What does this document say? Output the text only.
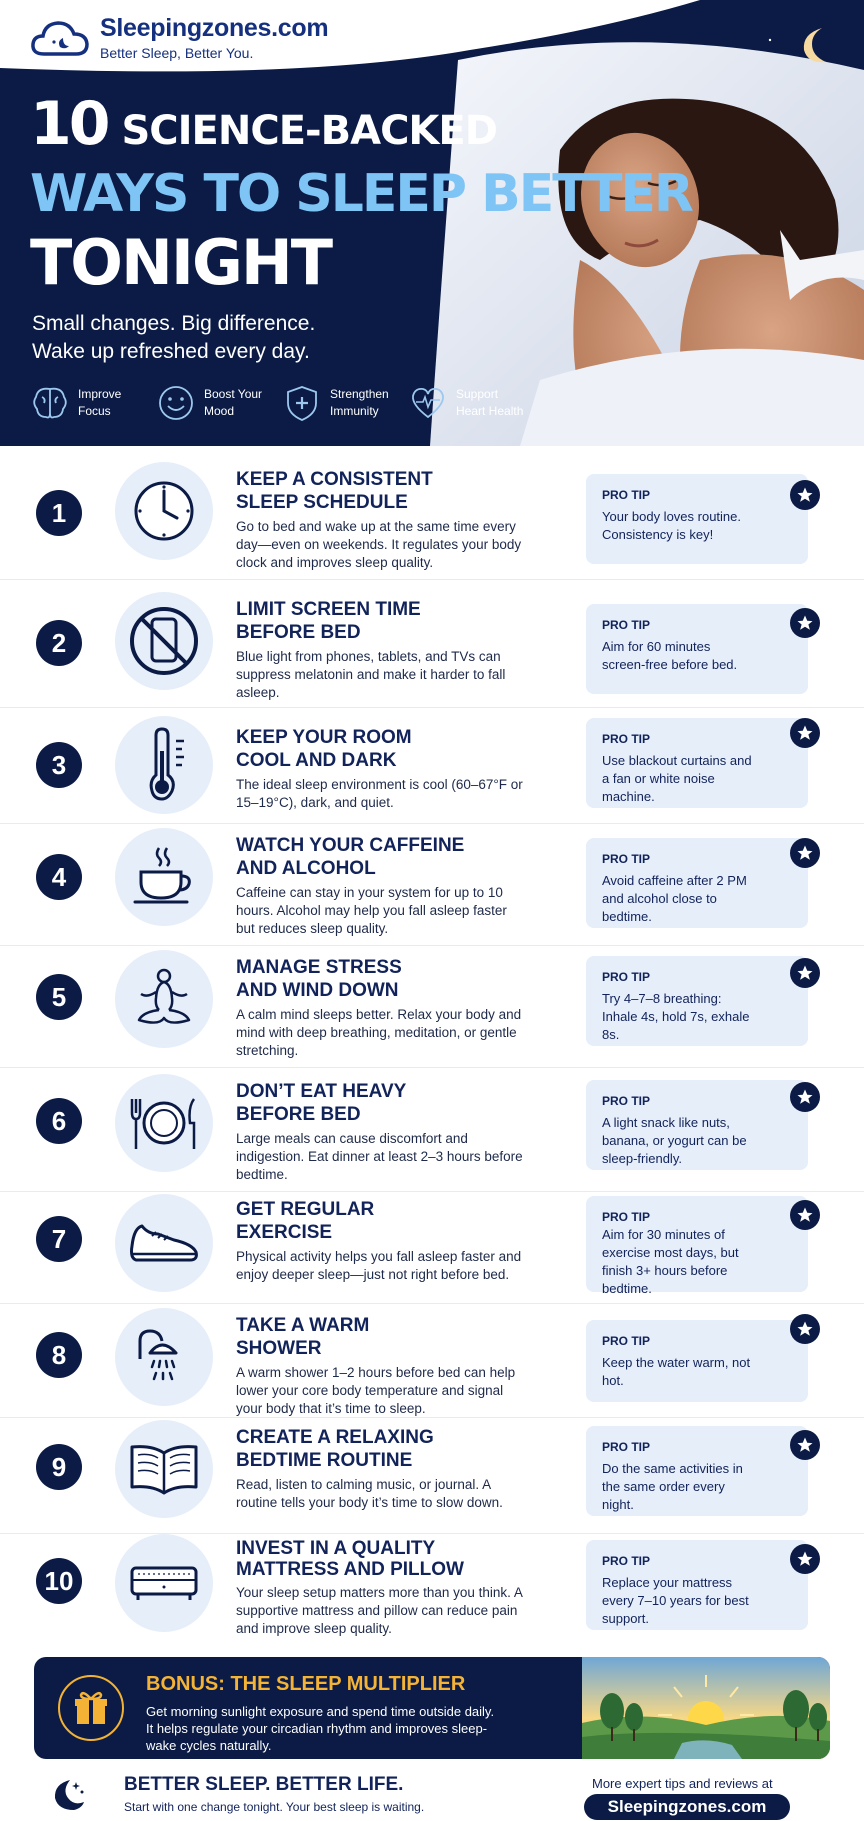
Sleepingzones.com
Better Sleep, Better You.
10 SCIENCE-BACKED
WAYS TO SLEEP BETTER
TONIGHT
Small changes. Big difference.
Wake up refreshed every day.
Improve
Focus
Boost Your
Mood
Strengthen
Immunity
Support
Heart Health
1
KEEP A CONSISTENT
SLEEP SCHEDULE
Go to bed and wake up at the same time every day—even on weekends. It regulates your body clock and improves sleep quality.
PRO TIP
Your body loves routine. Consistency is key!
2
LIMIT SCREEN TIME
BEFORE BED
Blue light from phones, tablets, and TVs can suppress melatonin and make it harder to fall asleep.
PRO TIP
Aim for 60 minutes screen-free before bed.
3
KEEP YOUR ROOM
COOL AND DARK
The ideal sleep environment is cool (60–67°F or 15–19°C), dark, and quiet.
PRO TIP
Use blackout curtains and a fan or white noise machine.
4
WATCH YOUR CAFFEINE
AND ALCOHOL
Caffeine can stay in your system for up to 10 hours. Alcohol may help you fall asleep faster but reduces sleep quality.
PRO TIP
Avoid caffeine after 2 PM and alcohol close to bedtime.
5
MANAGE STRESS
AND WIND DOWN
A calm mind sleeps better. Relax your body and mind with deep breathing, meditation, or gentle stretching.
PRO TIP
Try 4–7–8 breathing: Inhale 4s, hold 7s, exhale 8s.
6
DON’T EAT HEAVY
BEFORE BED
Large meals can cause discomfort and indigestion. Eat dinner at least 2–3 hours before bedtime.
PRO TIP
A light snack like nuts, banana, or yogurt can be sleep-friendly.
7
GET REGULAR
EXERCISE
Physical activity helps you fall asleep faster and enjoy deeper sleep—just not right before bed.
PRO TIP
Aim for 30 minutes of exercise most days, but finish 3+ hours before bedtime.
8
TAKE A WARM
SHOWER
A warm shower 1–2 hours before bed can help lower your core body temperature and signal your body that it’s time to sleep.
PRO TIP
Keep the water warm, not hot.
9
CREATE A RELAXING
BEDTIME ROUTINE
Read, listen to calming music, or journal. A routine tells your body it’s time to slow down.
PRO TIP
Do the same activities in the same order every night.
10
INVEST IN A QUALITY
MATTRESS AND PILLOW
Your sleep setup matters more than you think. A supportive mattress and pillow can reduce pain and improve sleep quality.
PRO TIP
Replace your mattress every 7–10 years for best support.
BONUS: THE SLEEP MULTIPLIER
Get morning sunlight exposure and spend time outside daily. It helps regulate your circadian rhythm and improves sleep-wake cycles naturally.
BETTER SLEEP. BETTER LIFE.
Start with one change tonight. Your best sleep is waiting.
More expert tips and reviews at
Sleepingzones.com
